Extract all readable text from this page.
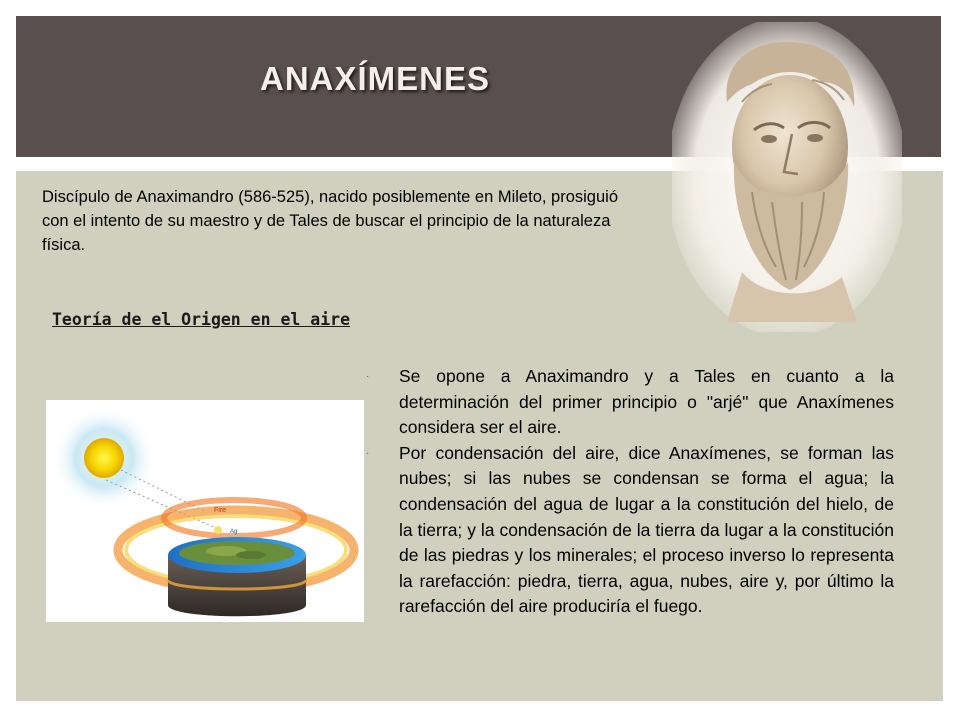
ANAXÍMENES

Discípulo de Anaximandro (586-525), nacido posiblemente en Mileto, prosiguió con el intento de su maestro y de Tales de buscar el principio de la naturaleza física.

Teoría de el Origen en el aire
Fire
Ag
·	Se opone a Anaximandro y a Tales en cuanto a la determinación del primer principio o "arjé" que Anaxímenes considera ser el aire.
·	Por condensación del aire, dice Anaxímenes, se forman las nubes; si las nubes se condensan se forma el agua; la condensación del agua de lugar a la constitución del hielo, de la tierra; y la condensación de la tierra da lugar a la constitución de las piedras y los minerales; el proceso inverso lo representa la rarefacción: piedra, tierra, agua, nubes, aire y, por último la rarefacción del aire produciría el fuego.
